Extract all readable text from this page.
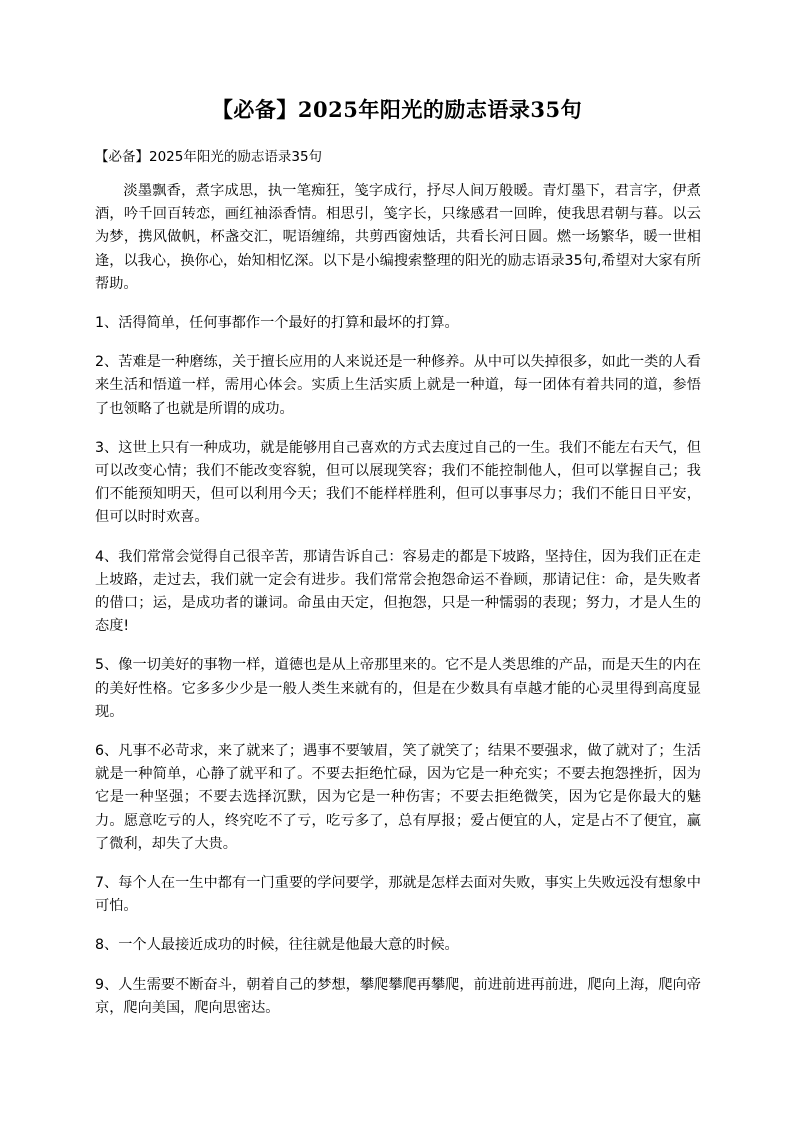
【必备】2025年阳光的励志语录35句
【必备】2025年阳光的励志语录35句

淡墨飘香，煮字成思，执一笔痴狂，笺字成行，抒尽人间万般暖。青灯墨下，君言字，伊煮酒，吟千回百转恋，画红袖添香情。相思引，笺字长，只缘感君一回眸，使我思君朝与暮。以云为梦，携风做帆，杯盏交汇，呢语缠绵，共剪西窗烛话，共看长河日圆。燃一场繁华，暖一世相逢，以我心，换你心，始知相忆深。以下是小编搜索整理的阳光的励志语录35句,希望对大家有所帮助。

1、活得简单，任何事都作一个最好的打算和最坏的打算。

2、苦难是一种磨练，关于擅长应用的人来说还是一种修养。从中可以失掉很多，如此一类的人看来生活和悟道一样，需用心体会。实质上生活实质上就是一种道，每一团体有着共同的道，参悟了也领略了也就是所谓的成功。

3、这世上只有一种成功，就是能够用自己喜欢的方式去度过自己的一生。我们不能左右天气，但可以改变心情；我们不能改变容貌，但可以展现笑容；我们不能控制他人，但可以掌握自己；我们不能预知明天，但可以利用今天；我们不能样样胜利，但可以事事尽力；我们不能日日平安，但可以时时欢喜。

4、我们常常会觉得自己很辛苦，那请告诉自己：容易走的都是下坡路，坚持住，因为我们正在走上坡路，走过去，我们就一定会有进步。我们常常会抱怨命运不眷顾，那请记住：命，是失败者的借口；运，是成功者的谦词。命虽由天定，但抱怨，只是一种懦弱的表现；努力，才是人生的态度!

5、像一切美好的事物一样，道德也是从上帝那里来的。它不是人类思维的产品，而是天生的内在的美好性格。它多多少少是一般人类生来就有的，但是在少数具有卓越才能的心灵里得到高度显现。

6、凡事不必苛求，来了就来了；遇事不要皱眉，笑了就笑了；结果不要强求，做了就对了；生活就是一种简单，心静了就平和了。不要去拒绝忙碌，因为它是一种充实；不要去抱怨挫折，因为它是一种坚强；不要去选择沉默，因为它是一种伤害；不要去拒绝微笑，因为它是你最大的魅力。愿意吃亏的人，终究吃不了亏，吃亏多了，总有厚报；爱占便宜的人，定是占不了便宜，赢了微利，却失了大贵。

7、每个人在一生中都有一门重要的学问要学，那就是怎样去面对失败，事实上失败远没有想象中可怕。

8、一个人最接近成功的时候，往往就是他最大意的时候。

9、人生需要不断奋斗，朝着自己的梦想，攀爬攀爬再攀爬，前进前进再前进，爬向上海，爬向帝京，爬向美国，爬向思密达。
